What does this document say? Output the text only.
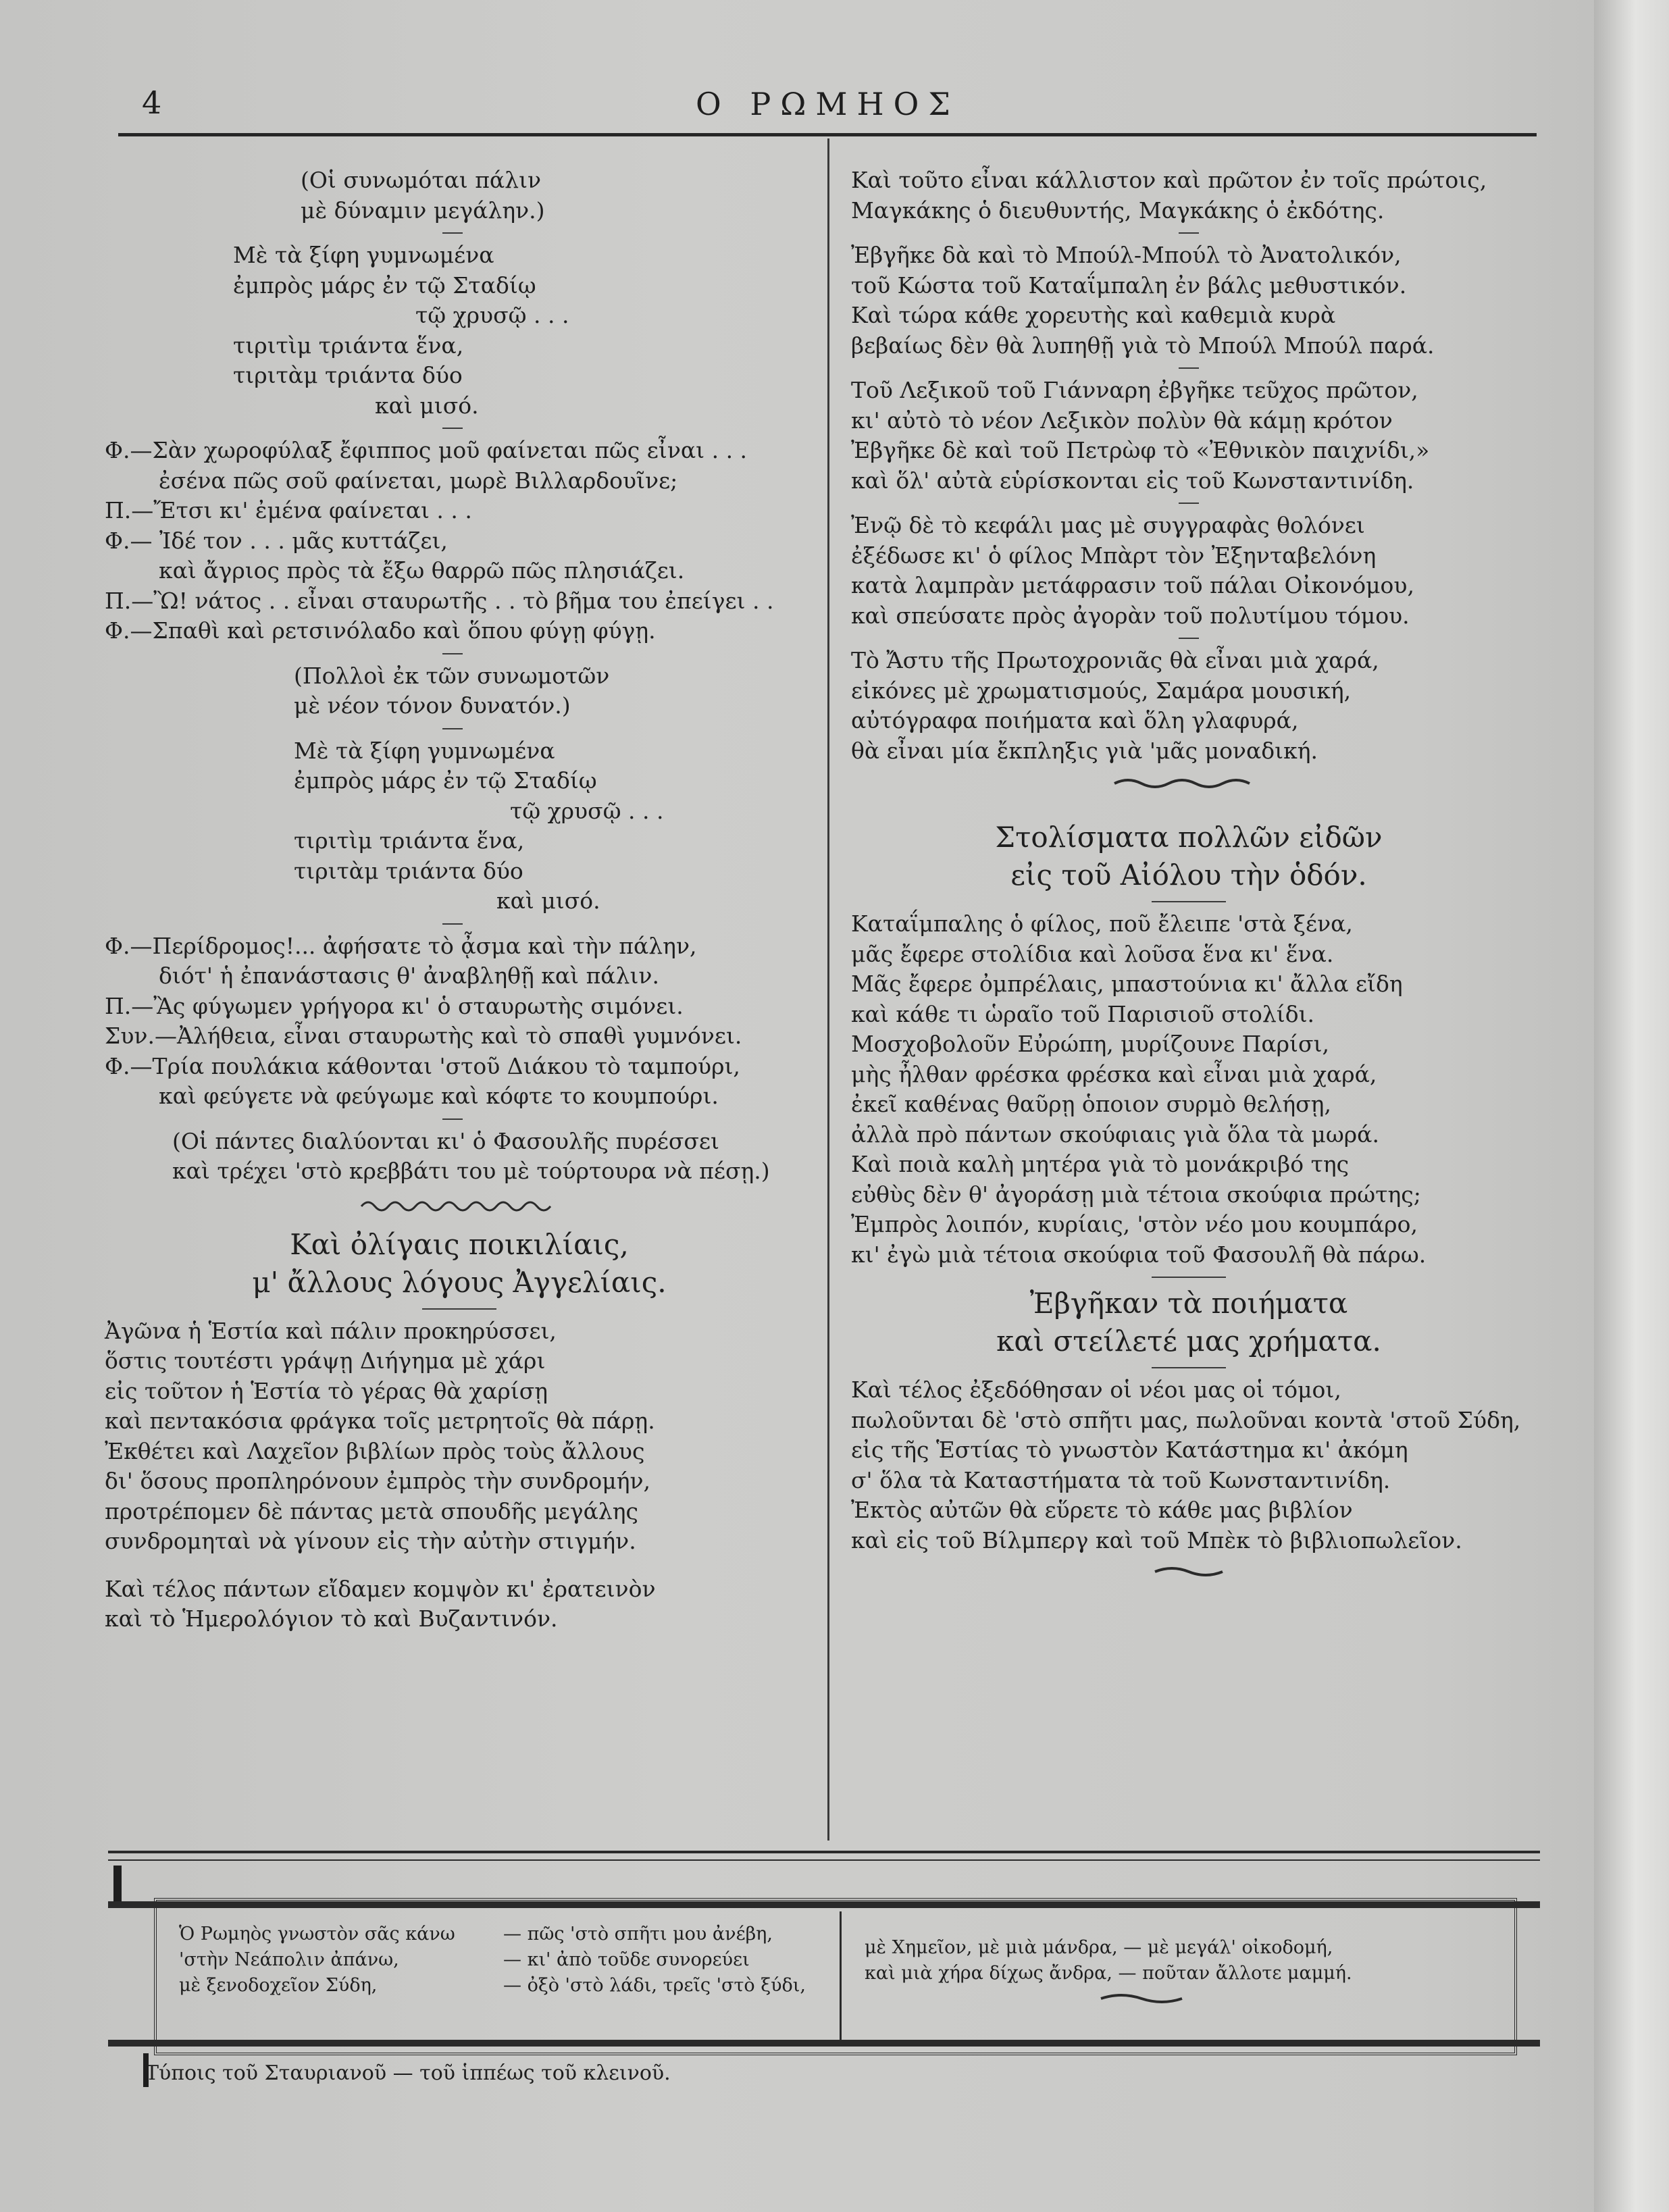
4	Ο ΡΩΜΗΟΣ

(Οἱ συνωμόται πάλιν

μὲ δύναμιν μεγάλην.)

Μὲ τὰ ξίφη γυμνωμένα

ἐμπρὸς μάρς ἐν τῷ Σταδίῳ

τῷ χρυσῷ . . .

τιριτὶμ τριάντα ἕνα,

τιριτὰμ τριάντα δύο

καὶ μισό.

Φ.—Σὰν χωροφύλαξ ἔφιππος μοῦ φαίνεται πῶς εἶναι . . .

ἐσένα πῶς σοῦ φαίνεται, μωρὲ Βιλλαρδουῖνε;

Π.—Ἔτσι κι' ἐμένα φαίνεται . . .

Φ.— Ἰδέ τον . . . μᾶς κυττάζει,

καὶ ἄγριος πρὸς τὰ ἔξω θαρρῶ πῶς πλησιάζει.

Π.—Ὢ! νάτος . . εἶναι σταυρωτῆς . . τὸ βῆμα του ἐπείγει . .

Φ.—Σπαθὶ καὶ ρετσινόλαδο καὶ ὅπου φύγῃ φύγῃ.

(Πολλοὶ ἐκ τῶν συνωμοτῶν

μὲ νέον τόνον δυνατόν.)

Μὲ τὰ ξίφη γυμνωμένα

ἐμπρὸς μάρς ἐν τῷ Σταδίῳ

τῷ χρυσῷ . . .

τιριτὶμ τριάντα ἕνα,

τιριτὰμ τριάντα δύο

καὶ μισό.

Φ.—Περίδρομος!... ἀφήσατε τὸ ᾆσμα καὶ τὴν πάλην,

διότ' ἡ ἐπανάστασις θ' ἀναβληθῇ καὶ πάλιν.

Π.—Ἂς φύγωμεν γρήγορα κι' ὁ σταυρωτὴς σιμόνει.

Συν.—Ἀλήθεια, εἶναι σταυρωτὴς καὶ τὸ σπαθὶ γυμνόνει.

Φ.—Τρία πουλάκια κάθονται 'στοῦ Διάκου τὸ ταμπούρι,

καὶ φεύγετε νὰ φεύγωμε καὶ κόφτε το κουμπούρι.

(Οἱ πάντες διαλύονται κι' ὁ Φασουλῆς πυρέσσει

καὶ τρέχει 'στὸ κρεββάτι του μὲ τούρτουρα νὰ πέσῃ.)

Καὶ ὀλίγαις ποικιλίαις,

μ' ἄλλους λόγους Ἀγγελίαις.

Ἀγῶνα ἡ Ἑστία καὶ πάλιν προκηρύσσει,

ὅστις τουτέστι γράψῃ Διήγημα μὲ χάρι

εἰς τοῦτον ἡ Ἑστία τὸ γέρας θὰ χαρίσῃ

καὶ πεντακόσια φράγκα τοῖς μετρητοῖς θὰ πάρῃ.

Ἐκθέτει καὶ Λαχεῖον βιβλίων πρὸς τοὺς ἄλλους

δι' ὅσους προπληρόνουν ἐμπρὸς τὴν συνδρομήν,

προτρέπομεν δὲ πάντας μετὰ σπουδῆς μεγάλης

συνδρομηταὶ νὰ γίνουν εἰς τὴν αὐτὴν στιγμήν.

Καὶ τέλος πάντων εἴδαμεν κομψὸν κι' ἐρατεινὸν

καὶ τὸ Ἡμερολόγιον τὸ καὶ Βυζαντινόν.

Καὶ τοῦτο εἶναι κάλλιστον καὶ πρῶτον ἐν τοῖς πρώτοις,

Μαγκάκης ὁ διευθυντής, Μαγκάκης ὁ ἐκδότης.

Ἐβγῆκε δὰ καὶ τὸ Μπούλ-Μπούλ τὸ Ἀνατολικόν,

τοῦ Κώστα τοῦ Καταΐμπαλη ἐν βάλς μεθυστικόν.

Καὶ τώρα κάθε χορευτὴς καὶ καθεμιὰ κυρὰ

βεβαίως δὲν θὰ λυπηθῇ γιὰ τὸ Μπούλ Μπούλ παρά.

Τοῦ Λεξικοῦ τοῦ Γιάνναρη ἐβγῆκε τεῦχος πρῶτον,

κι' αὐτὸ τὸ νέον Λεξικὸν πολὺν θὰ κάμῃ κρότον

Ἐβγῆκε δὲ καὶ τοῦ Πετρὼφ τὸ «Ἐθνικὸν παιχνίδι,»

καὶ ὅλ' αὐτὰ εὑρίσκονται εἰς τοῦ Κωνσταντινίδη.

Ἐνῷ δὲ τὸ κεφάλι μας μὲ συγγραφὰς θολόνει

ἐξέδωσε κι' ὁ φίλος Μπὰρτ τὸν Ἐξηνταβελόνη

κατὰ λαμπρὰν μετάφρασιν τοῦ πάλαι Οἰκονόμου,

καὶ σπεύσατε πρὸς ἀγορὰν τοῦ πολυτίμου τόμου.

Τὸ Ἄστυ τῆς Πρωτοχρονιᾶς θὰ εἶναι μιὰ χαρά,

εἰκόνες μὲ χρωματισμούς, Σαμάρα μουσική,

αὐτόγραφα ποιήματα καὶ ὅλη γλαφυρά,

θὰ εἶναι μία ἔκπληξις γιὰ 'μᾶς μοναδική.

Στολίσματα πολλῶν εἰδῶν

εἰς τοῦ Αἰόλου τὴν ὁδόν.

Καταΐμπαλης ὁ φίλος, ποῦ ἔλειπε 'στὰ ξένα,

μᾶς ἔφερε στολίδια καὶ λοῦσα ἕνα κι' ἕνα.

Μᾶς ἔφερε ὀμπρέλαις, μπαστούνια κι' ἄλλα εἴδη

καὶ κάθε τι ὡραῖο τοῦ Παρισιοῦ στολίδι.

Μοσχοβολοῦν Εὐρώπη, μυρίζουνε Παρίσι,

μὴς ἦλθαν φρέσκα φρέσκα καὶ εἶναι μιὰ χαρά,

ἐκεῖ καθένας θαῦρῃ ὁποιον συρμὸ θελήσῃ,

ἀλλὰ πρὸ πάντων σκούφιαις γιὰ ὅλα τὰ μωρά.

Καὶ ποιὰ καλὴ μητέρα γιὰ τὸ μονάκριβό της

εὐθὺς δὲν θ' ἀγοράσῃ μιὰ τέτοια σκούφια πρώτης;

Ἐμπρὸς λοιπόν, κυρίαις, 'στὸν νέο μου κουμπάρο,

κι' ἐγὼ μιὰ τέτοια σκούφια τοῦ Φασουλῆ θὰ πάρω.

Ἐβγῆκαν τὰ ποιήματα

καὶ στείλετέ μας χρήματα.

Καὶ τέλος ἐξεδόθησαν οἱ νέοι μας οἱ τόμοι,

πωλοῦνται δὲ 'στὸ σπῆτι μας, πωλοῦναι κοντὰ 'στοῦ Σύδη,

εἰς τῆς Ἑστίας τὸ γνωστὸν Κατάστημα κι' ἀκόμη

σ' ὅλα τὰ Καταστήματα τὰ τοῦ Κωνσταντινίδη.

Ἐκτὸς αὐτῶν θὰ εὕρετε τὸ κάθε μας βιβλίον

καὶ εἰς τοῦ Βίλμπεργ καὶ τοῦ Μπὲκ τὸ βιβλιοπωλεῖον.

Ὁ Ρωμηὸς γνωστὸν σᾶς κάνω
'στὴν Νεάπολιν ἀπάνω,
μὲ ξενοδοχεῖον Σύδη,
— πῶς 'στὸ σπῆτι μου ἀνέβη,
— κι' ἀπὸ τοῦδε συνορεύει
— ὀξὸ 'στὸ λάδι, τρεῖς 'στὸ ξύδι,
μὲ Χημεῖον, μὲ μιὰ μάνδρα, — μὲ μεγάλ' οἰκοδομή,
καὶ μιὰ χήρα δίχως ἄνδρα, — ποῦταν ἄλλοτε μαμμή.
Τύποις τοῦ Σταυριανοῦ — τοῦ ἱππέως τοῦ κλεινοῦ.
